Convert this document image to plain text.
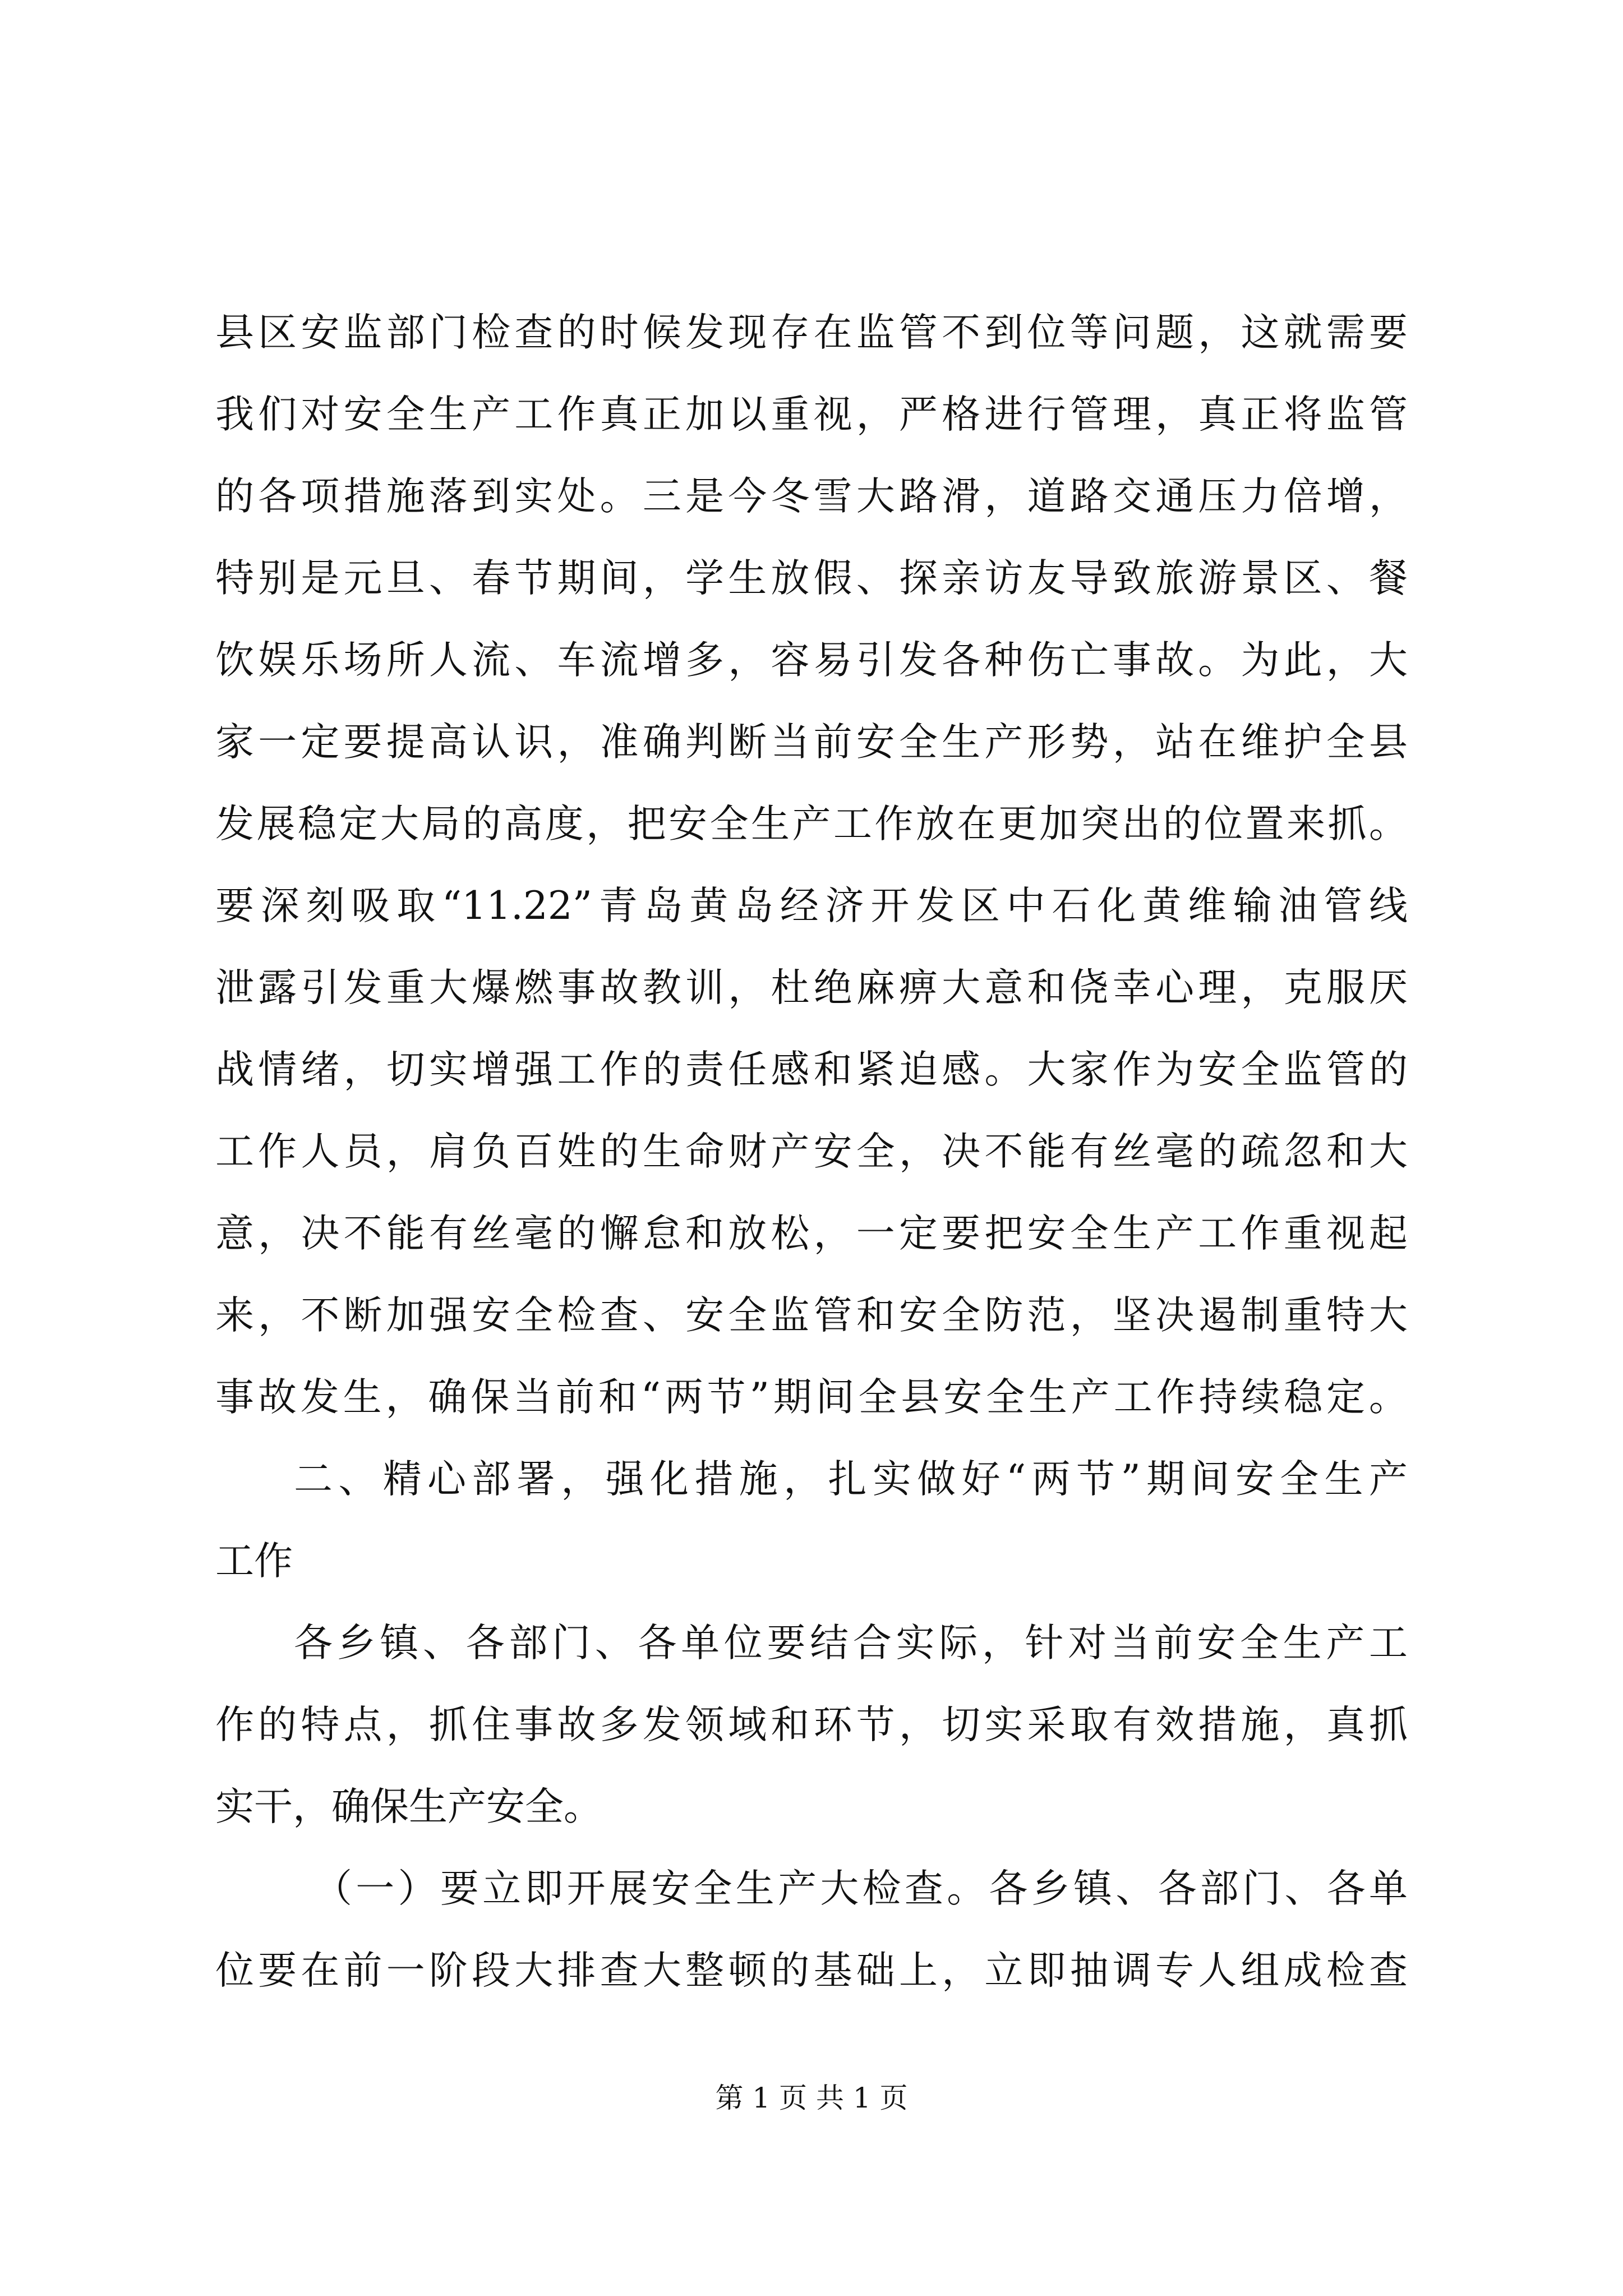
县区安监部门检查的时候发现存在监管不到位等问题，这就需要
我们对安全生产工作真正加以重视，严格进行管理，真正将监管
的各项措施落到实处。三是今冬雪大路滑，道路交通压力倍增，
特别是元旦、春节期间，学生放假、探亲访友导致旅游景区、餐
饮娱乐场所人流、车流增多，容易引发各种伤亡事故。为此，大
家一定要提高认识，准确判断当前安全生产形势，站在维护全县
发展稳定大局的高度，把安全生产工作放在更加突出的位置来抓。
要深刻吸取“11.22”青岛黄岛经济开发区中石化黄维输油管线
泄露引发重大爆燃事故教训，杜绝麻痹大意和侥幸心理，克服厌
战情绪，切实增强工作的责任感和紧迫感。大家作为安全监管的
工作人员，肩负百姓的生命财产安全，决不能有丝毫的疏忽和大
意，决不能有丝毫的懈怠和放松，一定要把安全生产工作重视起
来，不断加强安全检查、安全监管和安全防范，坚决遏制重特大
事故发生，确保当前和“两节”期间全县安全生产工作持续稳定。
二、精心部署，强化措施，扎实做好“两节”期间安全生产
工作
各乡镇、各部门、各单位要结合实际，针对当前安全生产工
作的特点，抓住事故多发领域和环节，切实采取有效措施，真抓
实干，确保生产安全。
（一）要立即开展安全生产大检查。各乡镇、各部门、各单
位要在前一阶段大排查大整顿的基础上，立即抽调专人组成检查
第 1 页 共 1 页
